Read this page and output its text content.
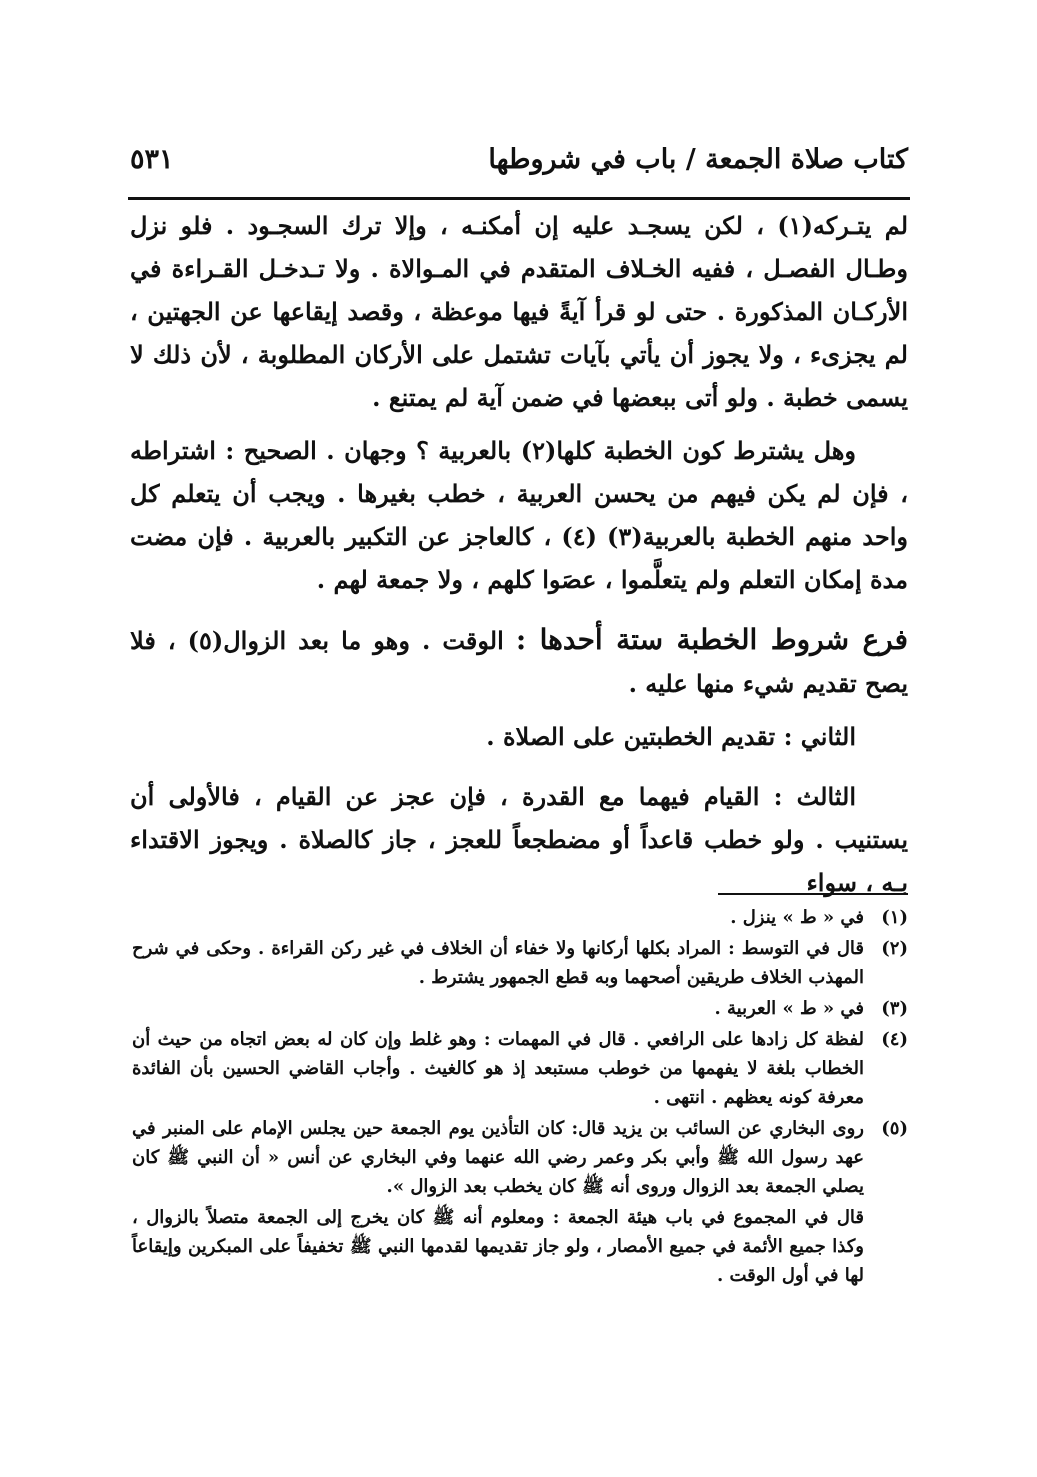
كتاب صلاة الجمعة / باب في شروطها
٥٣١

لم يتـركه(١) ، لكن يسجـد عليه إن أمكنـه ، وإلا ترك السجـود . فلو نزل وطـال الفصـل ، ففيه الخـلاف المتقدم في المـوالاة . ولا تـدخـل القـراءة في الأركـان المذكورة . حتى لو قرأ آيةً فيها موعظة ، وقصد إيقاعها عن الجهتين ، لم يجزىء ، ولا يجوز أن يأتي بآيات تشتمل على الأركان المطلوبة ، لأن ذلك لا يسمى خطبة . ولو أتى ببعضها في ضمن آية لم يمتنع .

وهل يشترط كون الخطبة كلها(٢) بالعربية ؟ وجهان . الصحيح : اشتراطه ، فإن لم يكن فيهم من يحسن العربية ، خطب بغيرها . ويجب أن يتعلم كل واحد منهم الخطبة بالعربية(٣) (٤) ، كالعاجز عن التكبير بالعربية . فإن مضت مدة إمكان التعلم ولم يتعلَّموا ، عصَوا كلهم ، ولا جمعة لهم .

فرع شروط الخطبة ستة أحدها : الوقت . وهو ما بعد الزوال(٥) ، فلا يصح تقديم شيء منها عليه .

الثاني : تقديم الخطبتين على الصلاة .

الثالث : القيام فيهما مع القدرة ، فإن عجز عن القيام ، فالأولى أن يستنيب . ولو خطب قاعداً أو مضطجعاً للعجز ، جاز كالصلاة . ويجوز الاقتداء بـه ، سواء

(١)
في « ط » ينزل .
(٢)
قال في التوسط : المراد بكلها أركانها ولا خفاء أن الخلاف في غير ركن القراءة . وحكى في شرح المهذب الخلاف طريقين أصحهما وبه قطع الجمهور يشترط .
(٣)
في « ط » العربية .
(٤)
لفظة كل زادها على الرافعي . قال في المهمات : وهو غلط وإن كان له بعض اتجاه من حيث أن الخطاب بلغة لا يفهمها من خوطب مستبعد إذ هو كالغيث . وأجاب القاضي الحسين بأن الفائدة معرفة كونه يعظهم . انتهى .
(٥)
روى البخاري عن السائب بن يزيد قال: كان التأذين يوم الجمعة حين يجلس الإمام على المنبر في عهد رسول الله ﷺ وأبي بكر وعمر رضي الله عنهما وفي البخاري عن أنس « أن النبي ﷺ كان يصلي الجمعة بعد الزوال وروى أنه ﷺ كان يخطب بعد الزوال ».
قال في المجموع في باب هيئة الجمعة : ومعلوم أنه ﷺ كان يخرج إلى الجمعة متصلاً بالزوال ، وكذا جميع الأئمة في جميع الأمصار ، ولو جاز تقديمها لقدمها النبي ﷺ تخفيفاً على المبكرين وإيقاعاً لها في أول الوقت .
